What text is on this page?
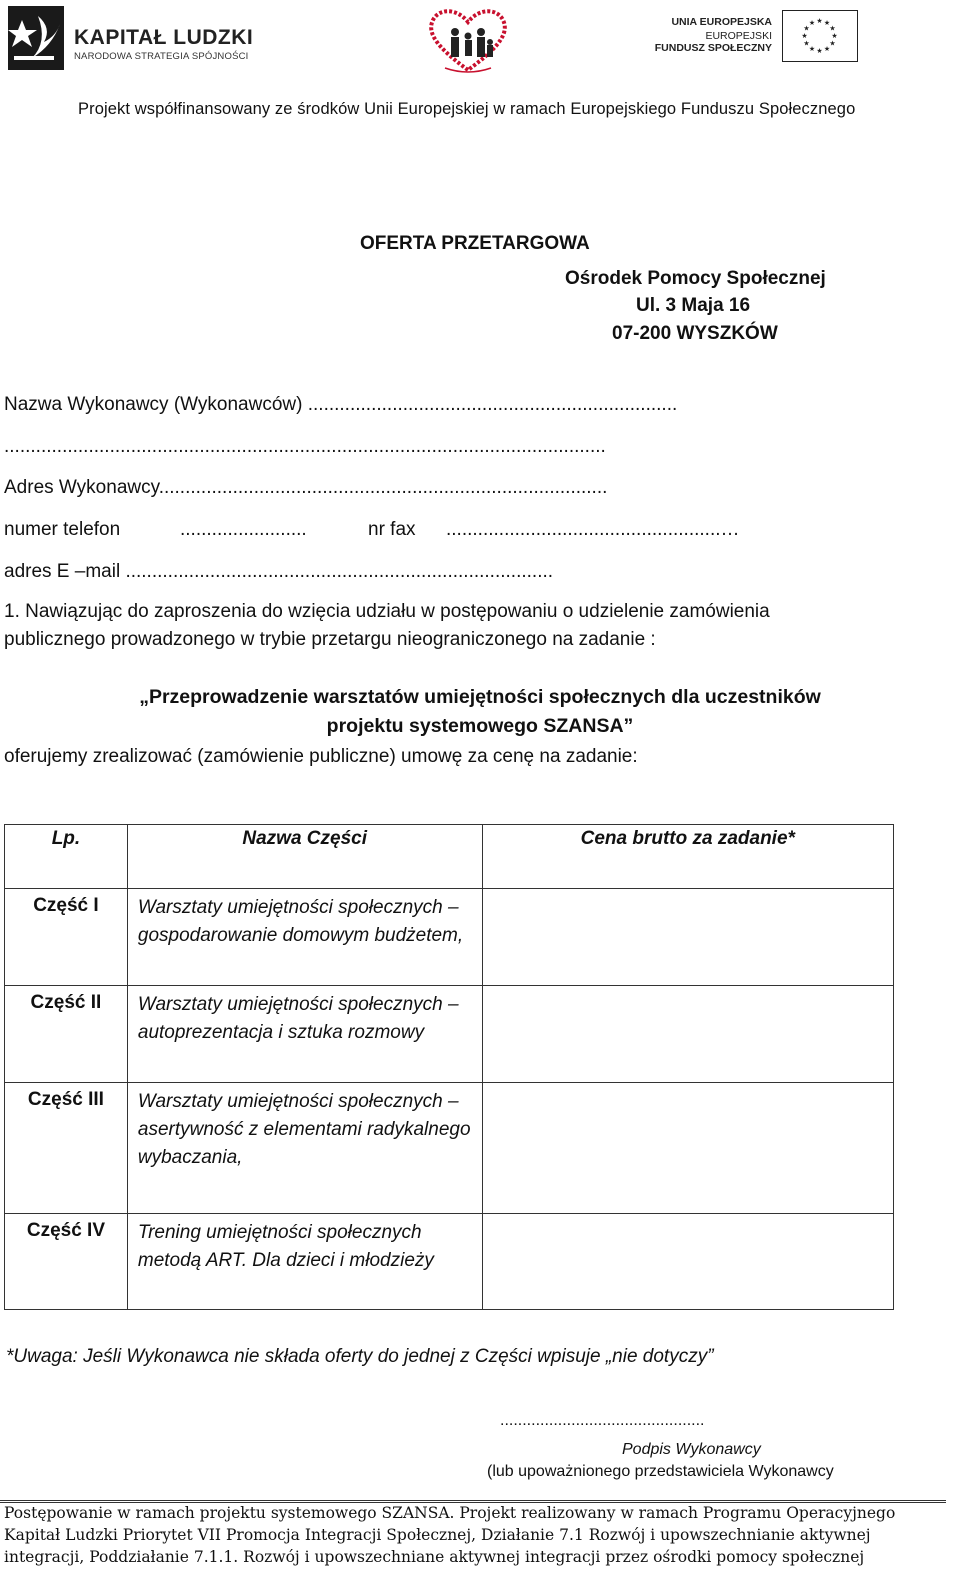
KAPITAŁ LUDZKI
NARODOWA STRATEGIA SPÓJNOŚCI
UNIA EUROPEJSKA
EUROPEJSKI
FUNDUSZ SPOŁECZNY
★ ★
★
★
★
★
★
★
★
★
★
★
Projekt współfinansowany ze środków Unii Europejskiej w ramach Europejskiego Funduszu Społecznego
OFERTA PRZETARGOWA
Ośrodek Pomocy Społecznej
Ul. 3 Maja 16
07-200 WYSZKÓW
Nazwa Wykonawcy (Wykonawców) ......................................................................
..................................................................................................................
Adres Wykonawcy.....................................................................................
numer telefon	........................	nr fax ....................................................…
adres E –mail .................................................................................
1. Nawiązując do zaproszenia do wzięcia udziału w postępowaniu o udzielenie zamówienia
publicznego prowadzonego w trybie przetargu nieograniczonego na zadanie :
„Przeprowadzenie warsztatów umiejętności społecznych dla uczestników
projektu systemowego SZANSA”
oferujemy zrealizować (zamówienie publiczne) umowę za cenę na zadanie:
Lp.	Nazwa Części	Cena brutto za zadanie*
Część I	Warsztaty umiejętności społecznych – gospodarowanie domowym budżetem,	
Część II	Warsztaty umiejętności społecznych – autoprezentacja i sztuka rozmowy	
Część III	Warsztaty umiejętności społecznych – asertywność z elementami radykalnego wybaczania,	
Część IV	Trening umiejętności społecznych metodą ART. Dla dzieci i młodzieży	
*Uwaga: Jeśli Wykonawca nie składa oferty do jednej z Części wpisuje „nie dotyczy”
..............................................
Podpis Wykonawcy
(lub upoważnionego przedstawiciela Wykonawcy
Postępowanie w ramach projektu systemowego SZANSA. Projekt realizowany w ramach Programu Operacyjnego
Kapitał Ludzki Priorytet VII Promocja Integracji Społecznej, Działanie 7.1 Rozwój i upowszechnianie aktywnej
integracji, Poddziałanie 7.1.1. Rozwój i upowszechniane aktywnej integracji przez ośrodki pomocy społecznej
